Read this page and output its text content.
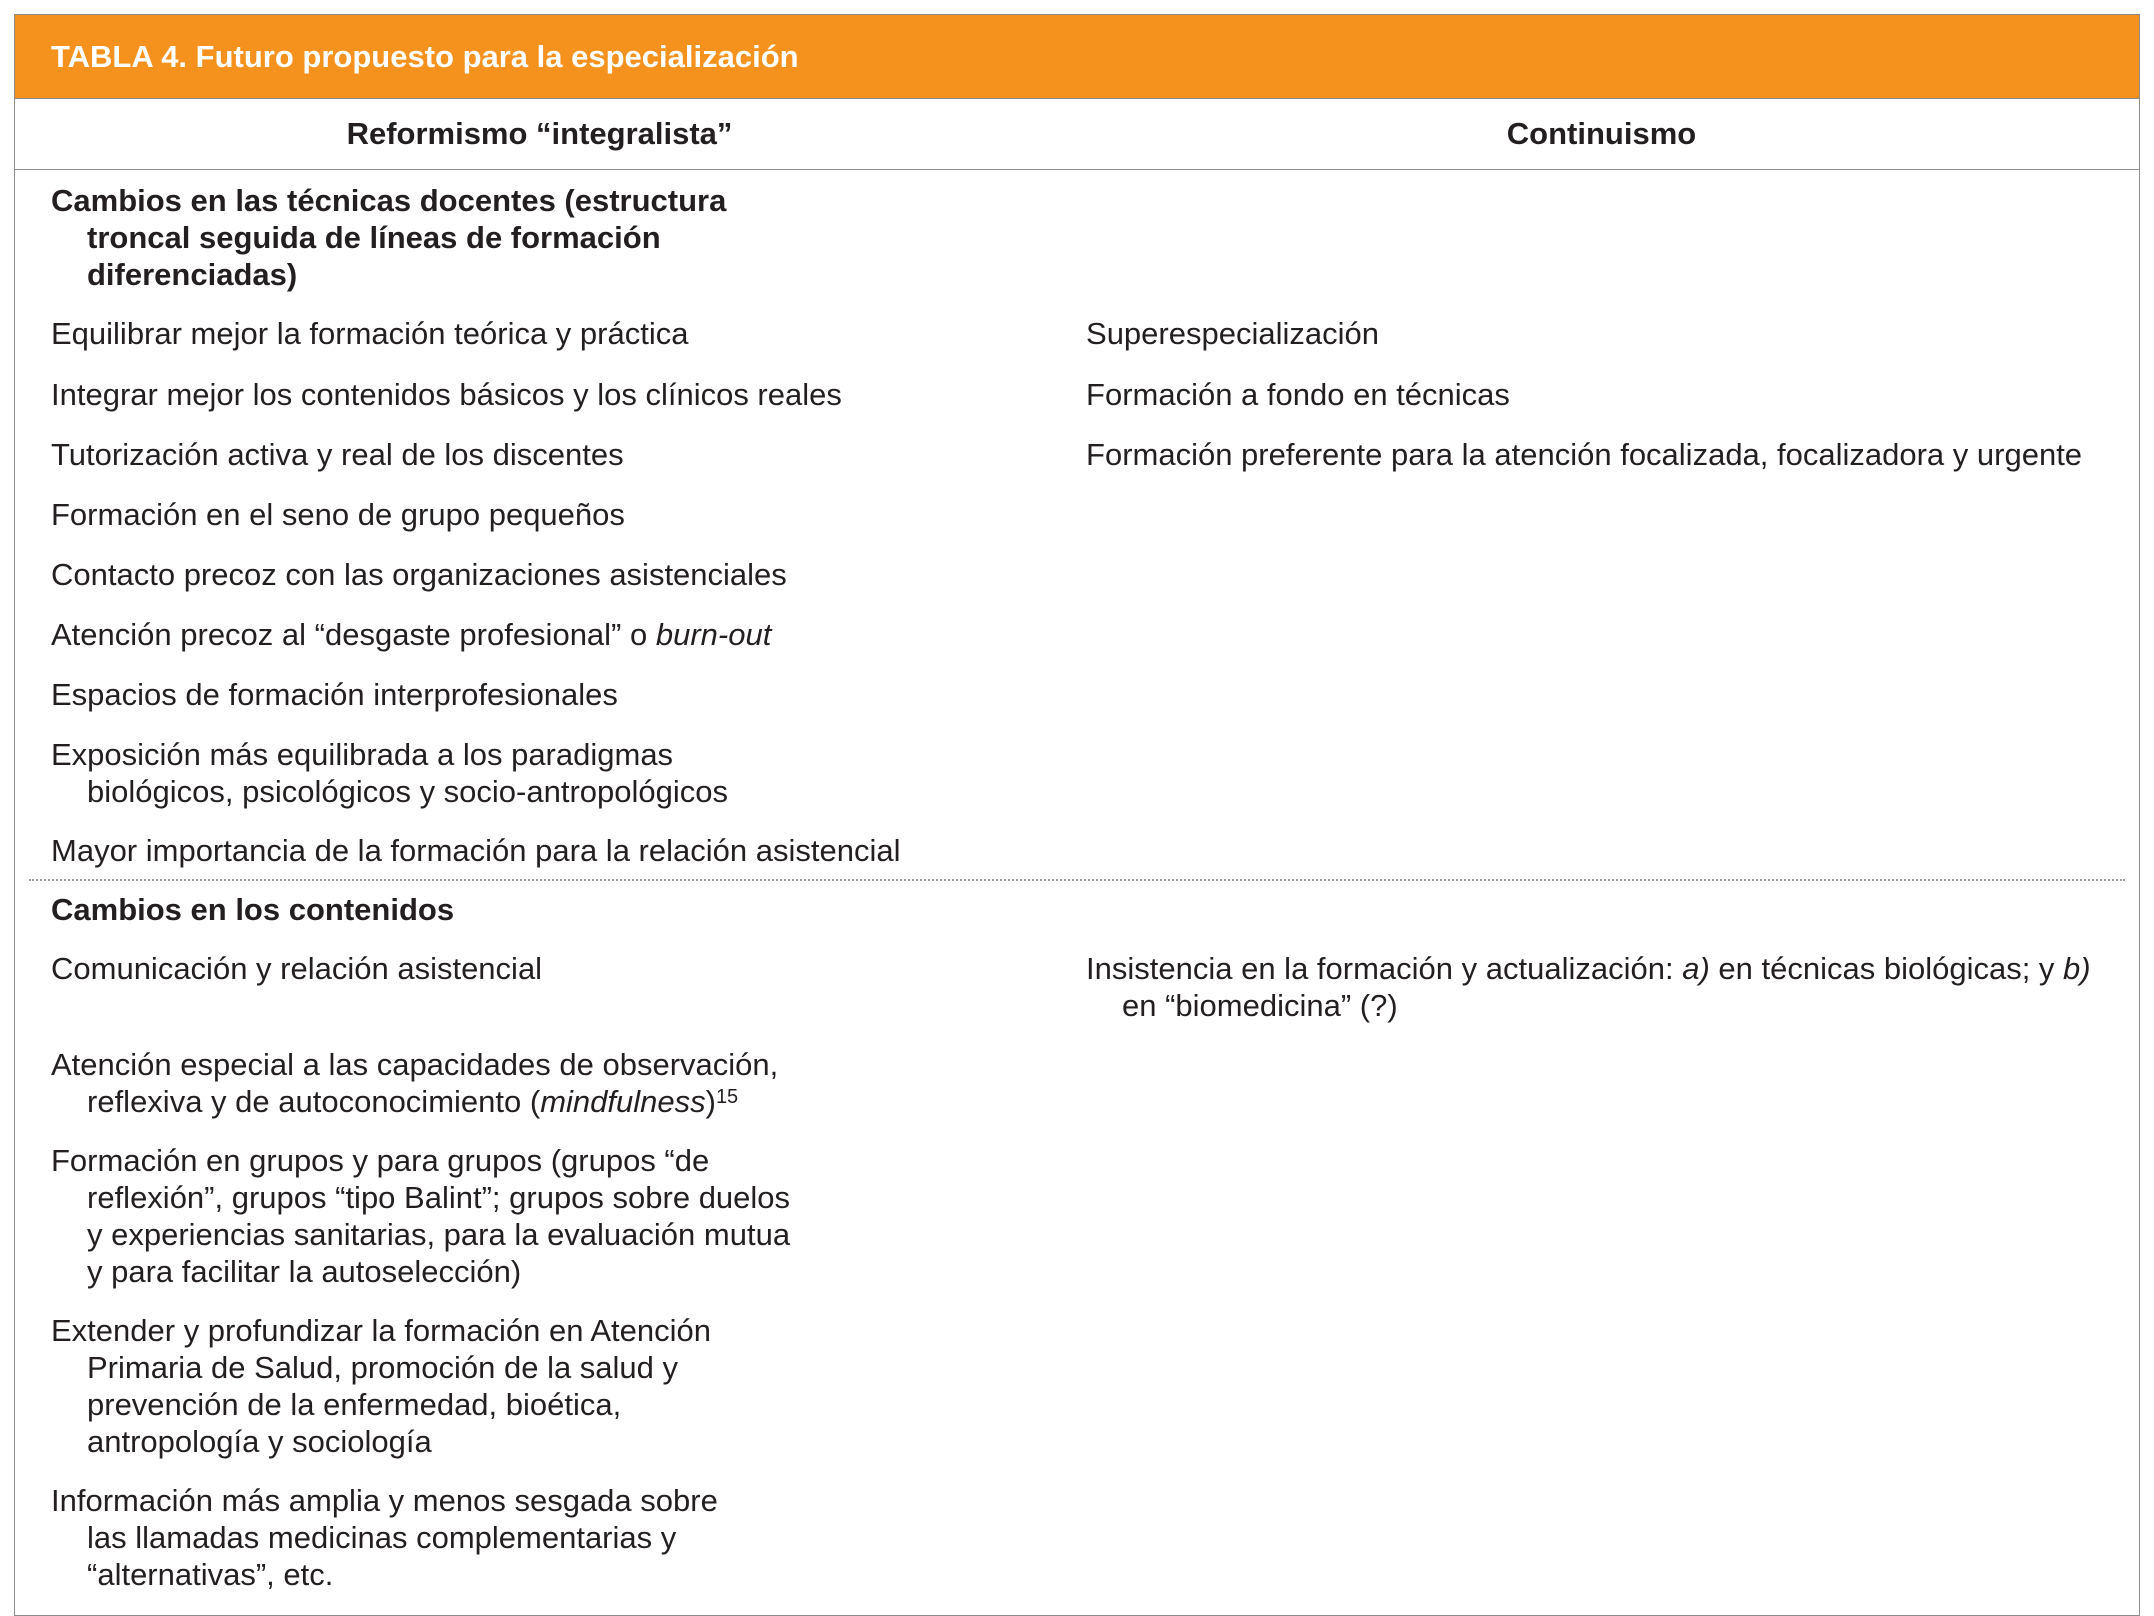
TABLA 4. Futuro propuesto para la especialización
Reformismo “integralista”	Continuismo
Cambios en las técnicas docentes (estructura troncal seguida de líneas de formación diferenciadas)
Equilibrar mejor la formación teórica y práctica	Superespecialización
Integrar mejor los contenidos básicos y los clínicos reales	Formación a fondo en técnicas
Tutorización activa y real de los discentes	Formación preferente para la atención focalizada, focalizadora y urgente
Formación en el seno de grupo pequeños
Contacto precoz con las organizaciones asistenciales
Atención precoz al “desgaste profesional” o burn-out
Espacios de formación interprofesionales
Exposición más equilibrada a los paradigmas biológicos, psicológicos y socio-antropológicos
Mayor importancia de la formación para la relación asistencial
Cambios en los contenidos
Comunicación y relación asistencial	Insistencia en la formación y actualización: a) en técnicas biológicas; y b) en “biomedicina” (?)
Atención especial a las capacidades de observación, reflexiva y de autoconocimiento (mindfulness)$^{15}$
Formación en grupos y para grupos (grupos “de reflexión”, grupos “tipo Balint”; grupos sobre duelos y experiencias sanitarias, para la evaluación mutua y para facilitar la autoselección)
Extender y profundizar la formación en Atención Primaria de Salud, promoción de la salud y prevención de la enfermedad, bioética, antropología y sociología
Información más amplia y menos sesgada sobre las llamadas medicinas complementarias y “alternativas”, etc.
